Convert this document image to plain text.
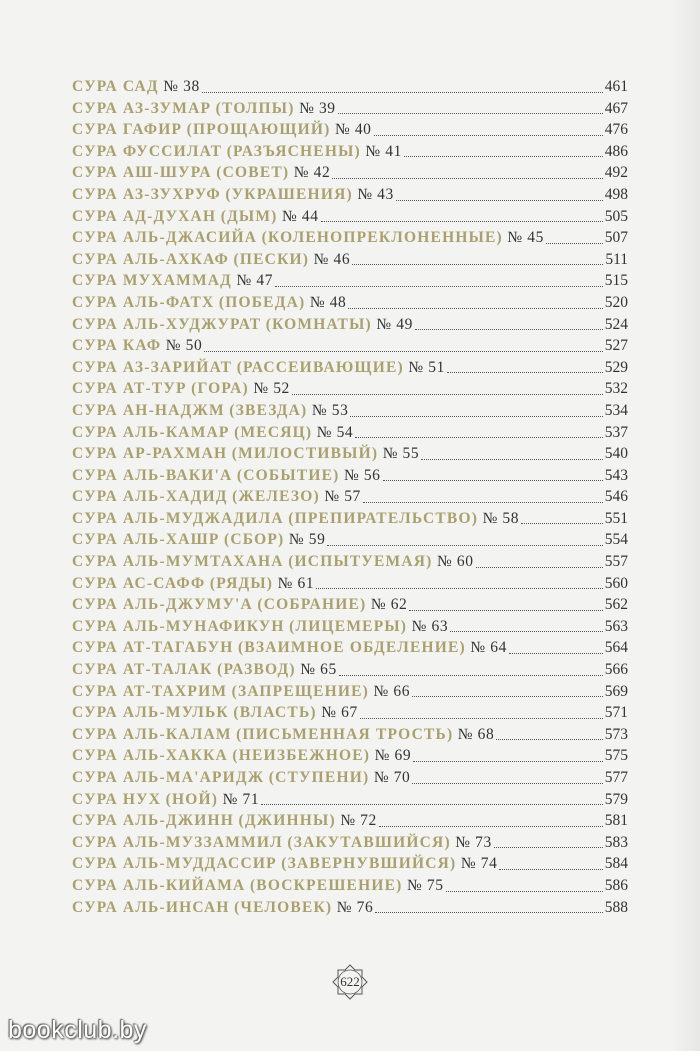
СУРА САД № 38	461
СУРА АЗ-ЗУМАР (ТОЛПЫ) № 39	467
СУРА ГАФИР (ПРОЩАЮЩИЙ) № 40	476
СУРА ФУССИЛАТ (РАЗЪЯСНЕНЫ) № 41	486
СУРА АШ-ШУРА (СОВЕТ) № 42	492
СУРА АЗ-ЗУХРУФ (УКРАШЕНИЯ) № 43	498
СУРА АД-ДУХАН (ДЫМ) № 44	505
СУРА АЛЬ-ДЖАСИЙА (КОЛЕНОПРЕКЛОНЕННЫЕ) № 45	507
СУРА АЛЬ-АХКАФ (ПЕСКИ) № 46	511
СУРА МУХАММАД № 47	515
СУРА АЛЬ-ФАТХ (ПОБЕДА) № 48	520
СУРА АЛЬ-ХУДЖУРАТ (КОМНАТЫ) № 49	524
СУРА КАФ № 50	527
СУРА АЗ-ЗАРИЙАТ (РАССЕИВАЮЩИЕ) № 51	529
СУРА АТ-ТУР (ГОРА) № 52	532
СУРА АН-НАДЖМ (ЗВЕЗДА) № 53	534
СУРА АЛЬ-КАМАР (МЕСЯЦ) № 54	537
СУРА АР-РАХМАН (МИЛОСТИВЫЙ) № 55	540
СУРА АЛЬ-ВАКИ'А (СОБЫТИЕ) № 56	543
СУРА АЛЬ-ХАДИД (ЖЕЛЕЗО) № 57	546
СУРА АЛЬ-МУДЖАДИЛА (ПРЕПИРАТЕЛЬСТВО) № 58	551
СУРА АЛЬ-ХАШР (СБОР) № 59	554
СУРА АЛЬ-МУМТАХАНА (ИСПЫТУЕМАЯ) № 60	557
СУРА АС-САФФ (РЯДЫ) № 61	560
СУРА АЛЬ-ДЖУМУ'А (СОБРАНИЕ) № 62	562
СУРА АЛЬ-МУНАФИКУН (ЛИЦЕМЕРЫ) № 63	563
СУРА АТ-ТАГАБУН (ВЗАИМНОЕ ОБДЕЛЕНИЕ) № 64	564
СУРА АТ-ТАЛАК (РАЗВОД) № 65	566
СУРА АТ-ТАХРИМ (ЗАПРЕЩЕНИЕ) № 66	569
СУРА АЛЬ-МУЛЬК (ВЛАСТЬ) № 67	571
СУРА АЛЬ-КАЛАМ (ПИСЬМЕННАЯ ТРОСТЬ) № 68	573
СУРА АЛЬ-ХАККА (НЕИЗБЕЖНОЕ) № 69	575
СУРА АЛЬ-МА'АРИДЖ (СТУПЕНИ) № 70	577
СУРА НУХ (НОЙ) № 71	579
СУРА АЛЬ-ДЖИНН (ДЖИННЫ) № 72	581
СУРА АЛЬ-МУЗЗАММИЛ (ЗАКУТАВШИЙСЯ) № 73	583
СУРА АЛЬ-МУДДАССИР (ЗАВЕРНУВШИЙСЯ) № 74	584
СУРА АЛЬ-КИЙАМА (ВОСКРЕШЕНИЕ) № 75	586
СУРА АЛЬ-ИНСАН (ЧЕЛОВЕК) № 76	588
622
bookclub.by
